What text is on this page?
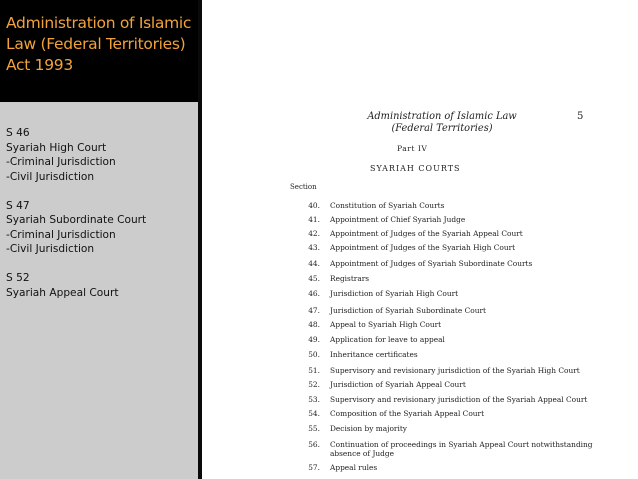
Administration of Islamic Law (Federal Territories) Act 1993
S 46
Syariah High Court
-Criminal Jurisdiction
-Civil Jurisdiction
S 47
Syariah Subordinate Court
-Criminal Jurisdiction
-Civil Jurisdiction
S 52
Syariah Appeal Court
Administration of Islamic Law
(Federal Territories)
5
Part IV
SYARIAH COURTS
Section
40. Constitution of Syariah Courts
41. Appointment of Chief Syariah Judge
42. Appointment of Judges of the Syariah Appeal Court
43. Appointment of Judges of the Syariah High Court
44. Appointment of Judges of Syariah Subordinate Courts
45. Registrars
46. Jurisdiction of Syariah High Court
47. Jurisdiction of Syariah Subordinate Court
48. Appeal to Syariah High Court
49. Application for leave to appeal
50. Inheritance certificates
51. Supervisory and revisionary jurisdiction of the Syariah High Court
52. Jurisdiction of Syariah Appeal Court
53. Supervisory and revisionary jurisdiction of the Syariah Appeal Court
54. Composition of the Syariah Appeal Court
55. Decision by majority
56. Continuation of proceedings in Syariah Appeal Court notwithstanding absence of Judge
57. Appeal rules
